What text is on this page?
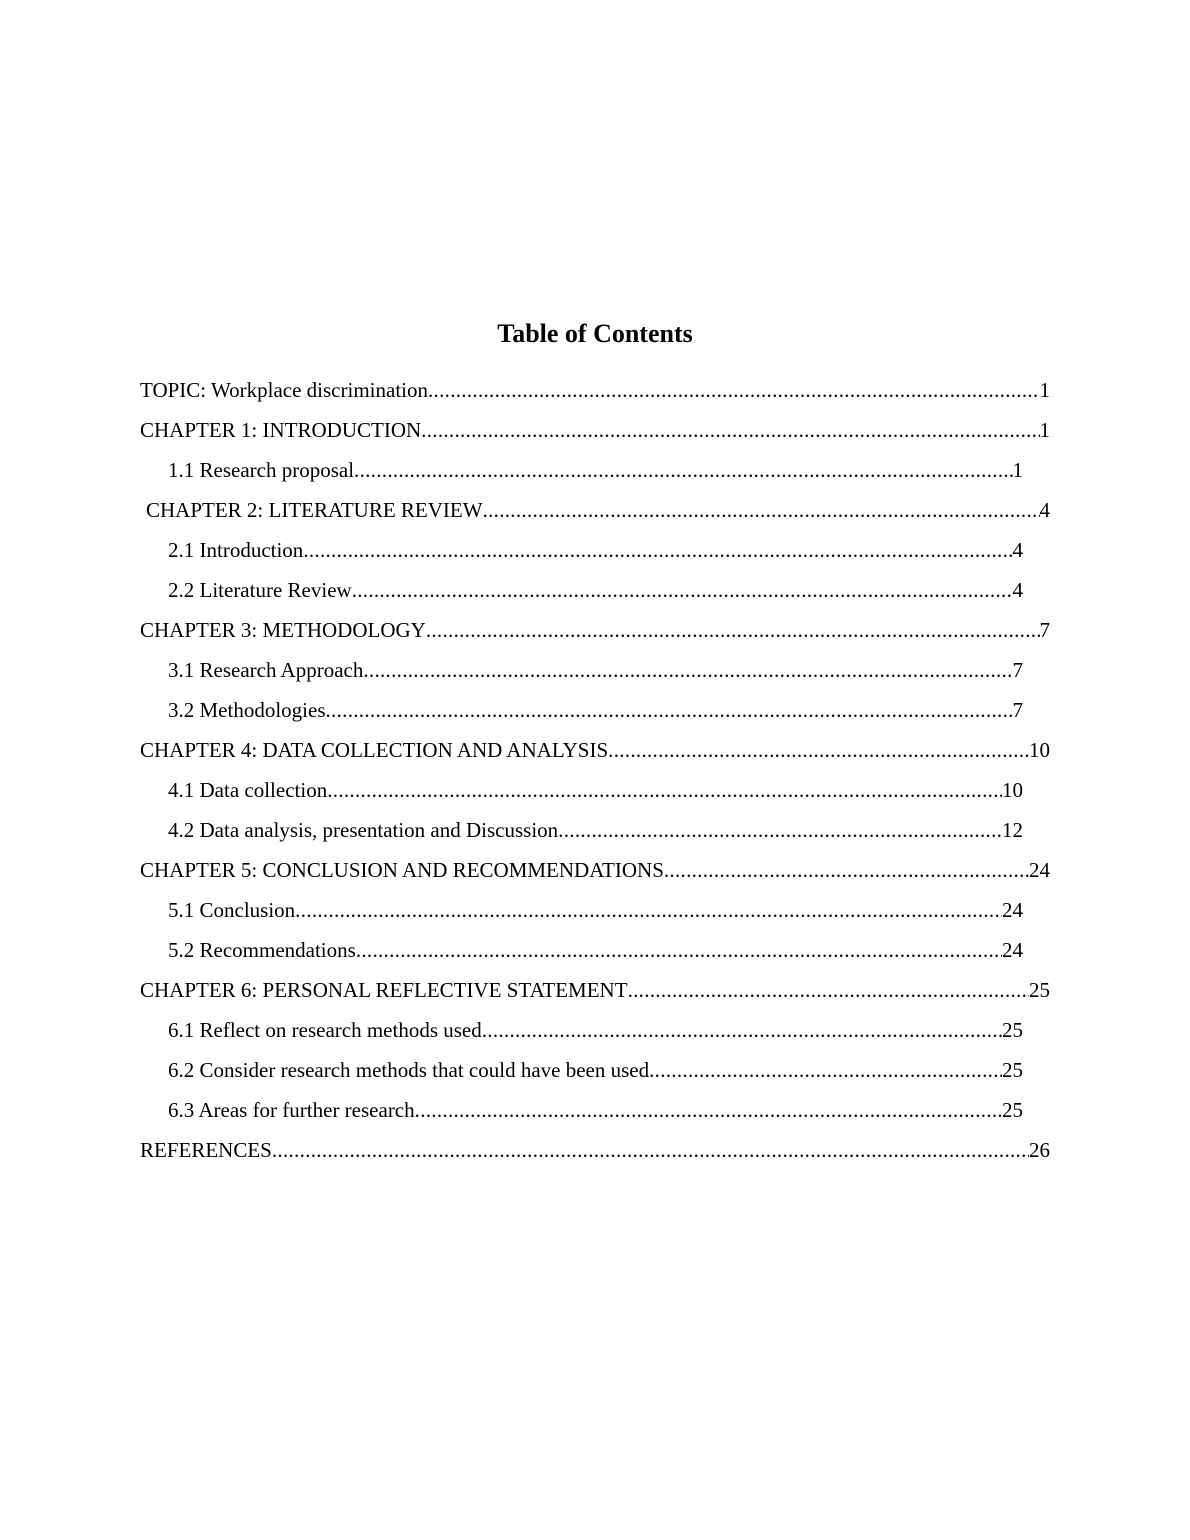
Table of Contents
TOPIC: Workplace discrimination .....	1
CHAPTER 1: INTRODUCTION .....	1
1.1 Research proposal .....	1
CHAPTER 2: LITERATURE REVIEW .....	4
2.1 Introduction .....	4
2.2 Literature Review .....	4
CHAPTER 3: METHODOLOGY .....	7
3.1 Research Approach .....	7
3.2 Methodologies .....	7
CHAPTER 4: DATA COLLECTION AND ANALYSIS .....	10
4.1 Data collection .....	10
4.2 Data analysis, presentation and Discussion .....	12
CHAPTER 5: CONCLUSION AND RECOMMENDATIONS .....	24
5.1 Conclusion .....	24
5.2 Recommendations .....	24
CHAPTER 6: PERSONAL REFLECTIVE STATEMENT .....	25
6.1 Reflect on research methods used .....	25
6.2 Consider research methods that could have been used .....	25
6.3 Areas for further research .....	25
REFERENCES .....	26
